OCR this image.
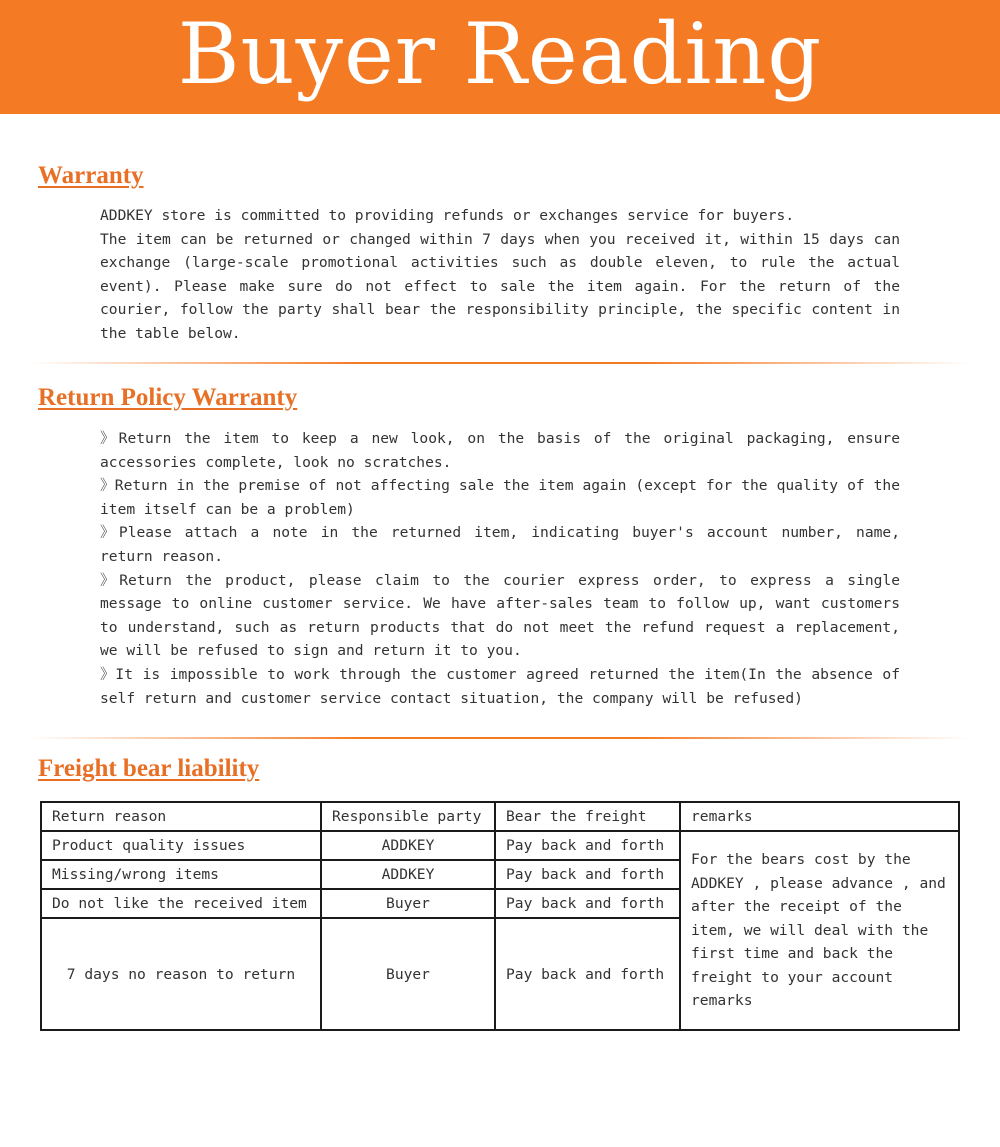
Buyer Reading
Warranty

ADDKEY store is committed to providing refunds or exchanges service for buyers.

The item can be returned or changed within 7 days when you received it, within 15 days can exchange (large-scale promotional activities such as double eleven, to rule the actual event). Please make sure do not effect to sale the item again. For the return of the courier, follow the party shall bear the responsibility principle, the specific content in the table below.

Return Policy Warranty

》Return the item to keep a new look, on the basis of the original packaging, ensure accessories complete, look no scratches.

》Return in the premise of not affecting sale the item again (except for the quality of the item itself can be a problem)

》Please attach a note in the returned item, indicating buyer's account number, name, return reason.

》Return the product, please claim to the courier express order, to express a single message to online customer service. We have after-sales team to follow up, want customers to understand, such as return products that do not meet the refund request a replacement, we will be refused to sign and return it to you.

》It is impossible to work through the customer agreed returned the item(In the absence of self return and customer service contact situation, the company will be refused)

Freight bear liability
Return reason	Responsible party	Bear the freight	remarks
Product quality issues	ADDKEY	Pay back and forth	For the bears cost by the ADDKEY , please advance , and after the receipt of the item, we will deal with the first time and back the freight to your account remarks
Missing/wrong items	ADDKEY	Pay back and forth	
Do not like the received item	Buyer	Pay back and forth	
7 days no reason to return	Buyer	Pay back and forth	
